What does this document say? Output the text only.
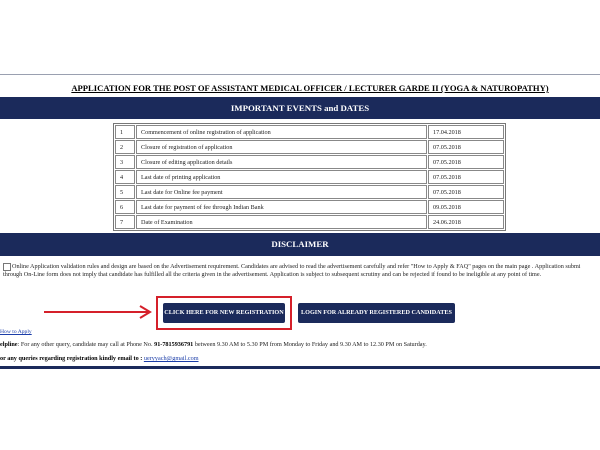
APPLICATION FOR THE POST OF ASSISTANT MEDICAL OFFICER / LECTURER GARDE II (YOGA & NATUROPATHY)
IMPORTANT EVENTS and DATES
1	Commencement of online registration of application	17.04.2018
2	Closure of registration of application	07.05.2018
3	Closure of editing application details	07.05.2018
4	Last date of printing application	07.05.2018
5	Last date for Online fee payment	07.05.2018
6	Last date for payment of fee through Indian Bank	09.05.2018
7	Date of Examination	24.06.2018
DISCLAIMER
Online Application validation rules and design are based on the Advertisement requirement. Candidates are advised to read the advertisement carefully and refer "How to Apply & FAQ" pages on the main page . Application submi
through On-Line form does not imply that candidate has fulfilled all the criteria given in the advertisement. Application is subject to subsequent scrutiny and can be rejected if found to be ineligible at any point of time.
CLICK HERE FOR NEW REGISTRATION	LOGIN FOR ALREADY REGISTERED CANDIDATES
How to Apply
elpline: For any other query, candidate may call at Phone No. 91-7815936791 between 9.30 AM to 5.30 PM from Monday to Friday and 9.30 AM to 12.30 PM on Saturday.
or any queries regarding registration kindly email to : ueryyach@gmail.com
